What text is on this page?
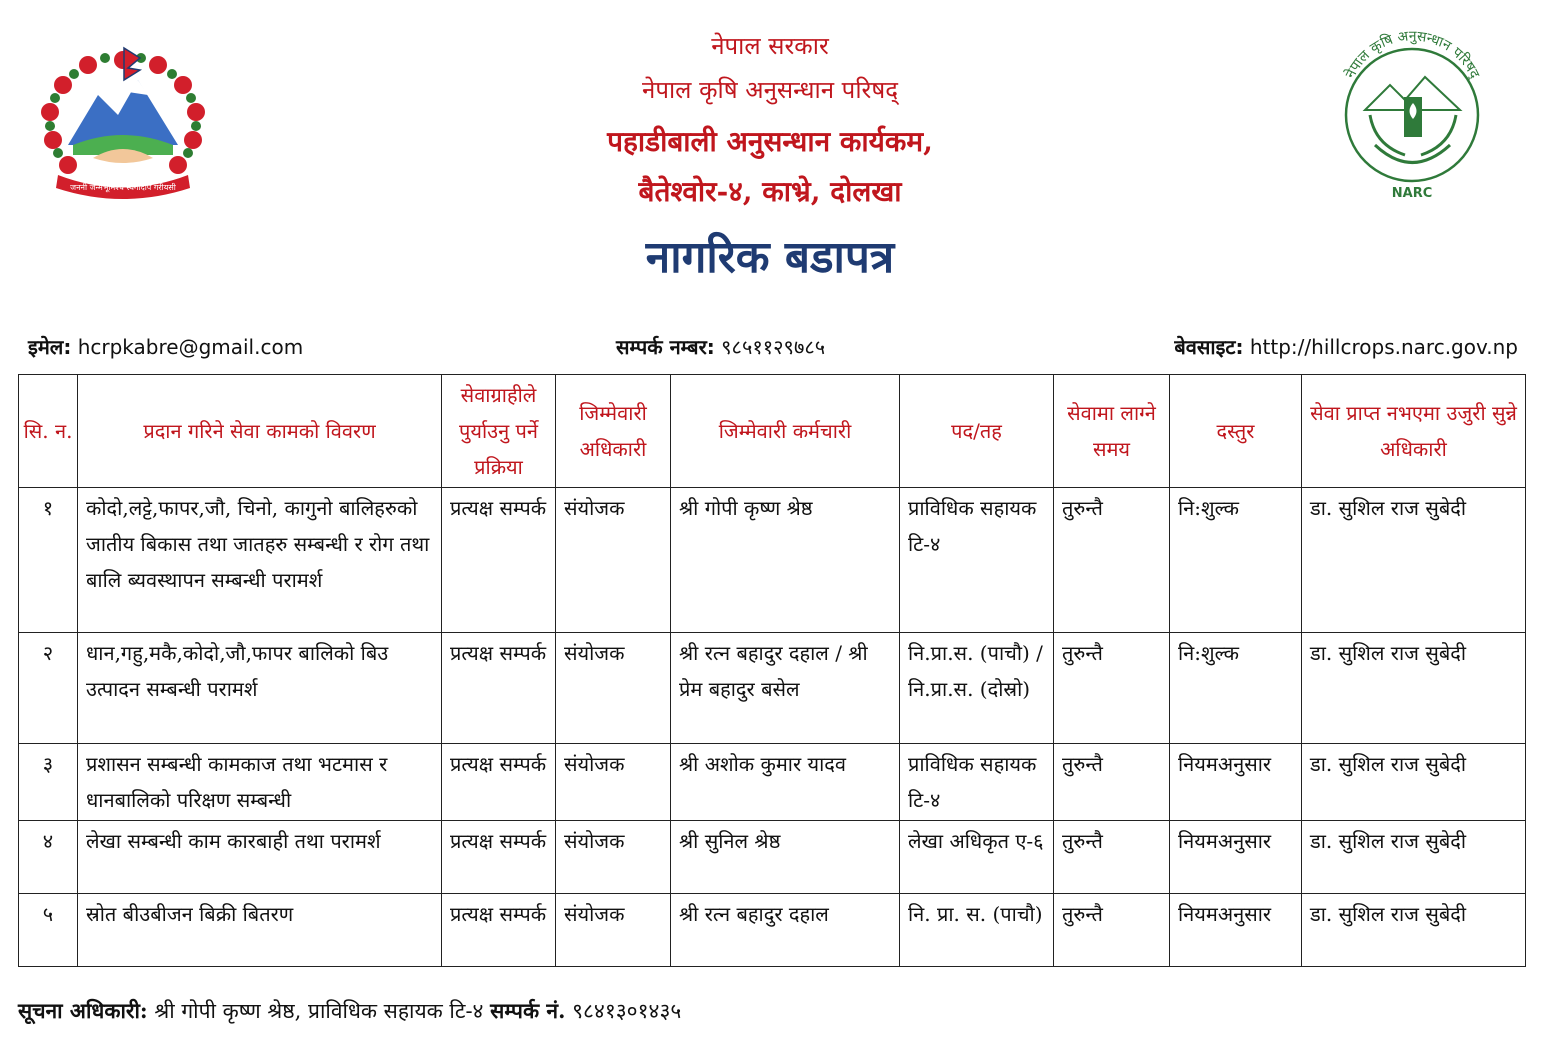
जननी जन्मभूमिश्च स्वर्गादपि गरीयसी
नेपाल सरकार
नेपाल कृषि अनुसन्धान परिषद्
पहाडीबाली अनुसन्धान कार्यकम,
बैतेश्वोर-४, काभ्रे, दोलखा
नागरिक बडापत्र
नेपाल कृषि अनुसन्धान परिषद्
NARC
इमेल: hcrpkabre@gmail.com	सम्पर्क नम्बर: ९८५११२९७८५	बेवसाइट: http://hillcrops.narc.gov.np
सि. न.	प्रदान गरिने सेवा कामको विवरण	सेवाग्राहीले पुर्याउनु पर्ने प्रक्रिया	जिम्मेवारी अधिकारी	जिम्मेवारी कर्मचारी	पद/तह	सेवामा लाग्ने समय	दस्तुर	सेवा प्राप्त नभएमा उजुरी सुन्ने अधिकारी
१	कोदो,लट्टे,फापर,जौ, चिनो, कागुनो बालिहरुको जातीय बिकास तथा जातहरु सम्बन्धी र रोग तथा बालि ब्यवस्थापन सम्बन्धी परामर्श	प्रत्यक्ष सम्पर्क	संयोजक	श्री गोपी कृष्ण श्रेष्ठ	प्राविधिक सहायक टि-४	तुरुन्तै	नि:शुल्क	डा. सुशिल राज सुबेदी
२	धान,गहु,मकै,कोदो,जौ,फापर बालिको बिउ उत्पादन सम्बन्धी परामर्श	प्रत्यक्ष सम्पर्क	संयोजक	श्री रत्न बहादुर दहाल / श्री प्रेम बहादुर बसेल	नि.प्रा.स. (पाचौ) / नि.प्रा.स. (दोस्रो)	तुरुन्तै	नि:शुल्क	डा. सुशिल राज सुबेदी
३	प्रशासन सम्बन्धी कामकाज तथा भटमास र धानबालिको परिक्षण सम्बन्धी	प्रत्यक्ष सम्पर्क	संयोजक	श्री अशोक कुमार यादव	प्राविधिक सहायक टि-४	तुरुन्तै	नियमअनुसार	डा. सुशिल राज सुबेदी
४	लेखा सम्बन्धी काम कारबाही तथा परामर्श	प्रत्यक्ष सम्पर्क	संयोजक	श्री सुनिल श्रेष्ठ	लेखा अधिकृत ए-६	तुरुन्तै	नियमअनुसार	डा. सुशिल राज सुबेदी
५	स्रोत बीउबीजन बिक्री बितरण	प्रत्यक्ष सम्पर्क	संयोजक	श्री रत्न बहादुर दहाल	नि. प्रा. स. (पाचौ)	तुरुन्तै	नियमअनुसार	डा. सुशिल राज सुबेदी
सूचना अधिकारी: श्री गोपी कृष्ण श्रेष्ठ, प्राविधिक सहायक टि-४ सम्पर्क नं. ९८४१३०१४३५
